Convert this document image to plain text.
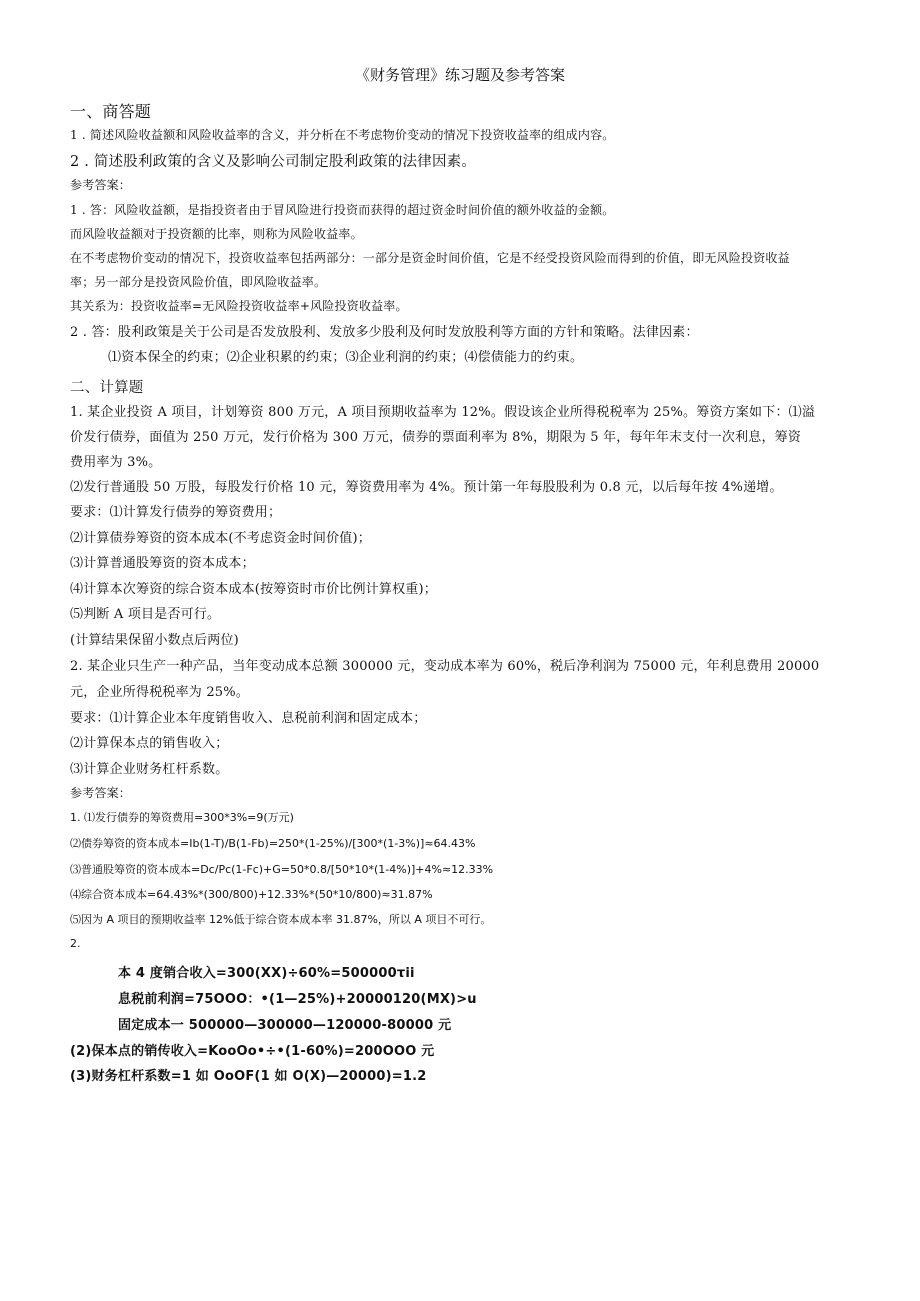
《财务管理》练习题及参考答案
一、商答题
1 . 简述风险收益额和风险收益率的含义，并分析在不考虑物价变动的情况下投资收益率的组成内容。
2 . 简述股利政策的含义及影响公司制定股利政策的法律因素。
参考答案：
1 . 答：风险收益额，是指投资者由于冒风险进行投资而获得的超过资金时间价值的额外收益的金额。
而风险收益额对于投资额的比率，则称为风险收益率。
在不考虑物价变动的情况下，投资收益率包括两部分：一部分是资金时间价值，它是不经受投资风险而得到的价值，即无风险投资收益
率；另一部分是投资风险价值，即风险收益率。
其关系为：投资收益率=无风险投资收益率+风险投资收益率。
2 . 答：股利政策是关于公司是否发放股利、发放多少股利及何时发放股利等方面的方针和策略。法律因素：
⑴资本保全的约束；⑵企业积累的约束；⑶企业利润的约束；⑷偿债能力的约束。
二、计算题
1. 某企业投资 A 项目，计划筹资 800 万元，A 项目预期收益率为 12%。假设该企业所得税税率为 25%。筹资方案如下：⑴溢
价发行债券，面值为 250 万元，发行价格为 300 万元，债券的票面利率为 8%，期限为 5 年，每年年末支付一次利息，筹资
费用率为 3%。
⑵发行普通股 50 万股，每股发行价格 10 元，筹资费用率为 4%。预计第一年每股股利为 0.8 元，以后每年按 4%递增。
要求：⑴计算发行债券的筹资费用；
⑵计算债券筹资的资本成本(不考虑资金时间价值)；
⑶计算普通股筹资的资本成本；
⑷计算本次筹资的综合资本成本(按筹资时市价比例计算权重)；
⑸判断 A 项目是否可行。
(计算结果保留小数点后两位)
2. 某企业只生产一种产品，当年变动成本总额 300000 元，变动成本率为 60%，税后净利润为 75000 元，年利息费用 20000
元，企业所得税税率为 25%。
要求：⑴计算企业本年度销售收入、息税前利润和固定成本；
⑵计算保本点的销售收入；
⑶计算企业财务杠杆系数。
参考答案：
1. ⑴发行债券的筹资费用=300*3%=9(万元)
⑵债券筹资的资本成本=Ib(1-T)/B(1-Fb)=250*(1-25%)/[300*(1-3%)]≈64.43%
⑶普通股筹资的资本成本=Dc/Pc(1-Fc)+G=50*0.8/[50*10*(1-4%)]+4%≈12.33%
⑷综合资本成本=64.43%*(300/800)+12.33%*(50*10/800)≈31.87%
⑸因为 A 项目的预期收益率 12%低于综合资本成本率 31.87%，所以 A 项目不可行。
2.
本 4 度销合收入=300(XX)÷60%=500000τii
息税前利润=75OOO：•(1—25%)+20000120(MX)>u
固定成本一 500000—300000—120000-80000 元
(2)保本点的销传收入=KooOo•÷•(1-60%)=200OOO 元
(3)财务杠杆系数=1 如 OoOF(1 如 O(X)—20000)=1.2
